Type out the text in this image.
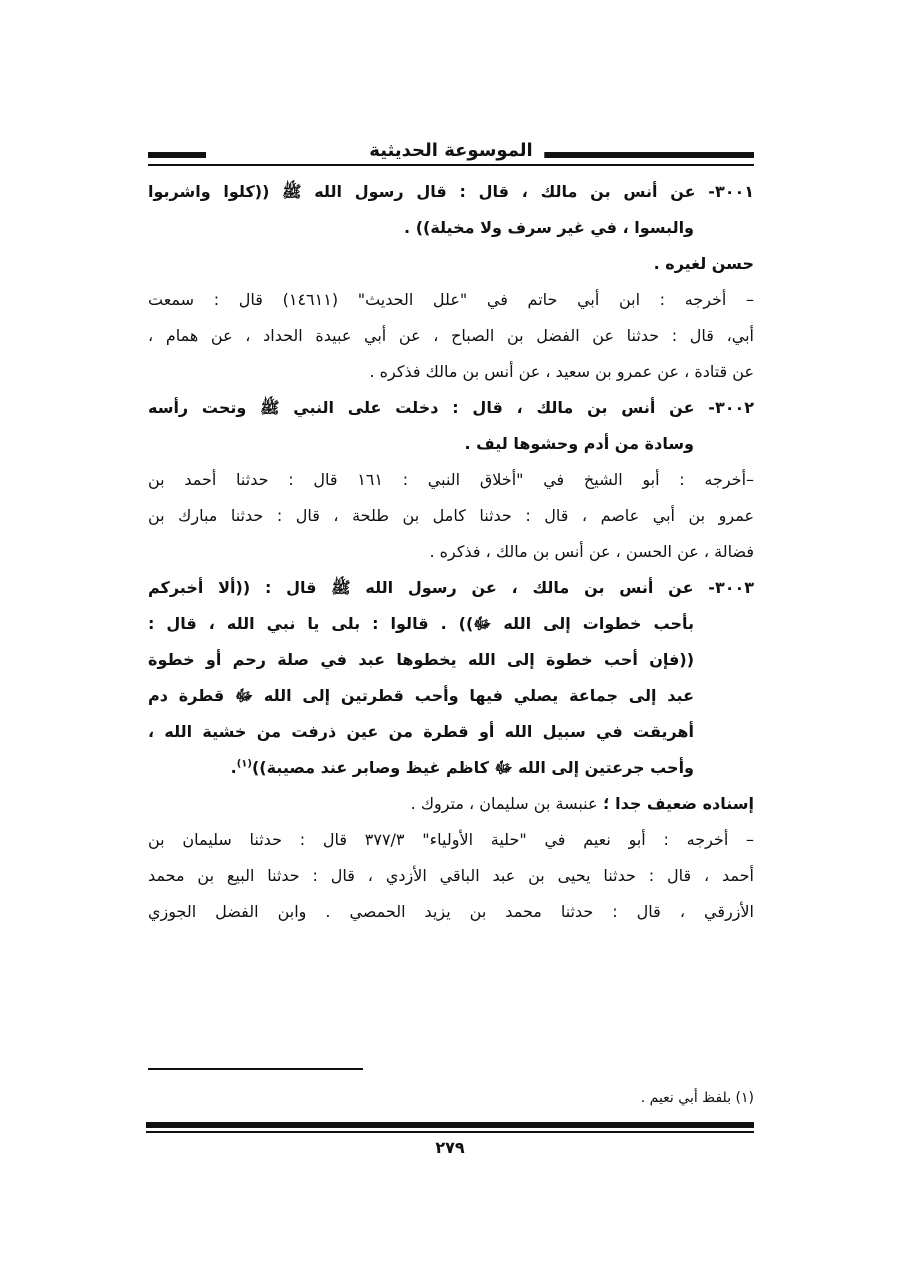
الموسوعة الحديثية
٣٠٠١- عن أنس بن مالك ، قال : قال رسول الله ﷺ ((كلوا واشربوا
والبسوا ، في غير سرف ولا مخيلة)) .
حسن لغيره .
– أخرجه : ابن أبي حاتم في "علل الحديث" (١٤٦١١) قال : سمعت
أبي، قال : حدثنا عن الفضل بن الصباح ، عن أبي عبيدة الحداد ، عن همام ،
عن قتادة ، عن عمرو بن سعيد ، عن أنس بن مالك فذكره .
٣٠٠٢- عن أنس بن مالك ، قال : دخلت على النبي ﷺ وتحت رأسه
وسادة من أدم وحشوها ليف .
–أخرجه : أبو الشيخ في "أخلاق النبي : ١٦١ قال : حدثنا أحمد بن
عمرو بن أبي عاصم ، قال : حدثنا كامل بن طلحة ، قال : حدثنا مبارك بن
فضالة ، عن الحسن ، عن أنس بن مالك ، فذكره .
٣٠٠٣- عن أنس بن مالك ، عن رسول الله ﷺ قال : ((ألا أخبركم
بأحب خطوات إلى الله ﷻ)) . قالوا : بلى يا نبي الله ، قال :
((فإن أحب خطوة إلى الله يخطوها عبد في صلة رحم أو خطوة
عبد إلى جماعة يصلي فيها وأحب قطرتين إلى الله ﷻ قطرة دم
أهريقت في سبيل الله أو قطرة من عين ذرفت من خشية الله ،
وأحب جرعتين إلى الله ﷻ كاظم غيظ وصابر عند مصيبة))$^{(١)}$.
إسناده ضعيف جدا ؛ عنبسة بن سليمان ، متروك .
– أخرجه : أبو نعيم في "حلية الأولياء" ٣٧٧/٣ قال : حدثنا سليمان بن
أحمد ، قال : حدثنا يحيى بن عبد الباقي الأزدي ، قال : حدثنا البيع بن محمد
الأزرقي ، قال : حدثنا محمد بن يزيد الحمصي . وابن الفضل الجوزي
(١) بلفظ أبي نعيم .
٢٧٩
